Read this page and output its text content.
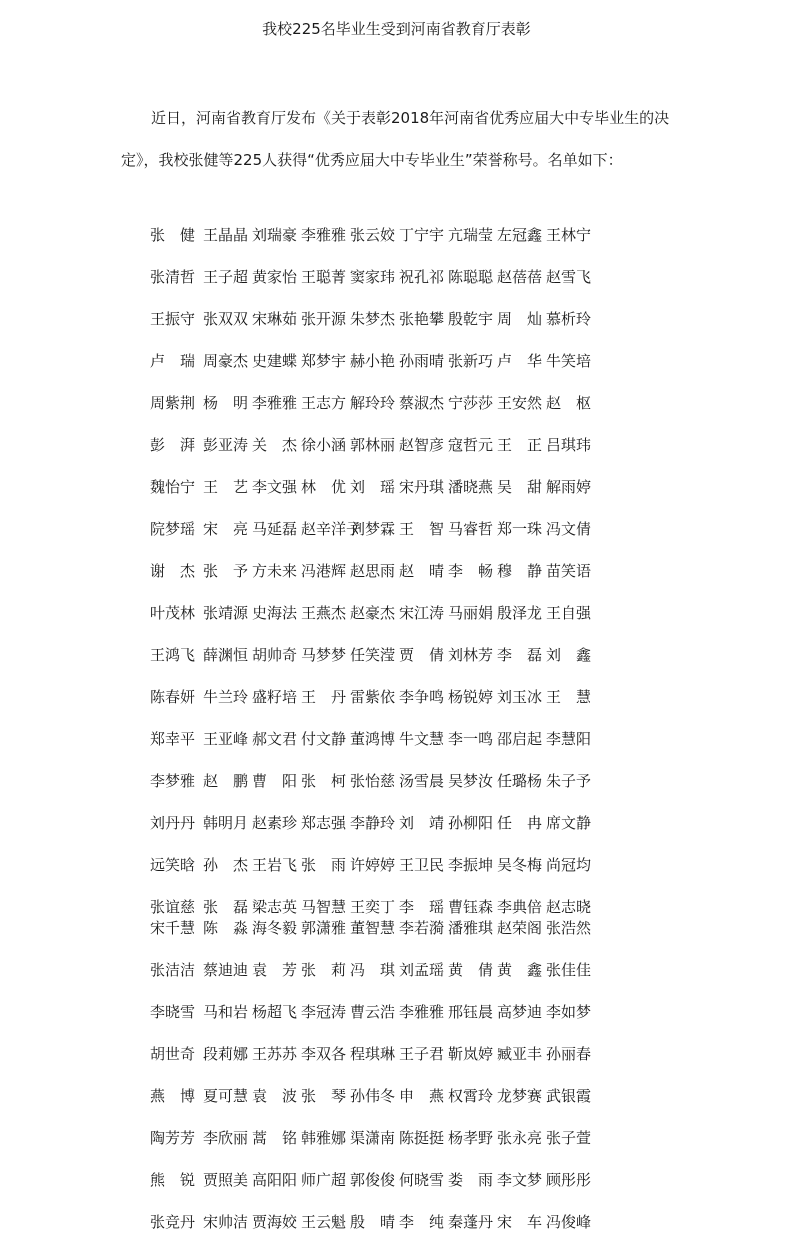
我校225名毕业生受到河南省教育厅表彰

近日，河南省教育厅发布《关于表彰2018年河南省优秀应届大中专毕业生的决定》，我校张健等225人获得“优秀应届大中专毕业生”荣誉称号。名单如下：

张　健 王晶晶 刘瑞豪 李雅雅 张云姣 丁宁宇 亢瑞莹 左冠鑫 王林宁
张清哲 王子超 黄家怡 王聪菁 窦家玮 祝孔祁 陈聪聪 赵蓓蓓 赵雪飞
王振守 张双双 宋琳茹 张开源 朱梦杰 张艳攀 殷乾宇 周　灿 慕析玲
卢　瑞 周豪杰 史建蝶 郑梦宇 赫小艳 孙雨晴 张新巧 卢　华 牛笑培
周紫荆 杨　明 李雅雅 王志方 解玲玲 蔡淑杰 宁莎莎 王安然 赵　枢
彭　湃 彭亚涛 关　杰 徐小涵 郭林丽 赵智彦 寇哲元 王　正 吕琪玮
魏怡宁 王　艺 李文强 林　优 刘　瑶 宋丹琪 潘晓燕 吴　甜 解雨婷
院梦瑶 宋　亮 马延磊 赵辛洋子
刘梦霖 王　智 马睿哲 郑一珠 冯文倩
谢　杰 张　予 方未来 冯港辉 赵思雨 赵　晴 李　畅 穆　静 苗笑语
叶茂林 张靖源 史海法 王燕杰 赵豪杰 宋江涛 马丽娟 殷泽龙 王自强
王鸿飞 薛渊恒 胡帅奇 马梦梦 任笑滢 贾　倩 刘林芳 李　磊 刘　鑫
陈春妍 牛兰玲 盛籽培 王　丹 雷紫依 李争鸣 杨锐婷 刘玉冰 王　慧
郑幸平 王亚峰 郝文君 付文静 董鸿博 牛文慧 李一鸣 邵启起 李慧阳
李梦雅 赵　鹏 曹　阳 张　柯 张怡慈 汤雪晨 吴梦汝 任璐杨 朱子予
刘丹丹 韩明月 赵素珍 郑志强 李静玲 刘　靖 孙柳阳 任　冉 席文静
远笑晗 孙　杰 王岩飞 张　雨 许婷婷 王卫民 李振坤 吴冬梅 尚冠均
张谊慈 张　磊 梁志英 马智慧 王奕丁 李　瑶 曹钰森 李典倍 赵志晓
宋千慧 陈　淼 海冬毅 郭潇雅 董智慧 李若漪 潘雅琪 赵荣阁 张浩然
张洁洁 蔡迪迪 袁　芳 张　莉 冯　琪 刘孟瑶 黄　倩 黄　鑫 张佳佳
李晓雪 马和岩 杨超飞 李冠涛 曹云浩 李雅雅 邢钰晨 高梦迪 李如梦
胡世奇 段莉娜 王苏苏 李双各 程琪琳 王子君 靳岚婷 臧亚丰 孙丽春
燕　博 夏可慧 袁　波 张　琴 孙伟冬 申　燕 权霄玲 龙梦赛 武银霞
陶芳芳 李欣丽 蒿　铭 韩雅娜 渠潇南 陈挺挺 杨孝野 张永亮 张子萱
熊　锐 贾照美 高阳阳 师广超 郭俊俊 何晓雪 娄　雨 李文梦 顾彤彤
张竞丹 宋帅洁 贾海姣 王云魁 殷　晴 李　纯 秦蓬丹 宋　车 冯俊峰
